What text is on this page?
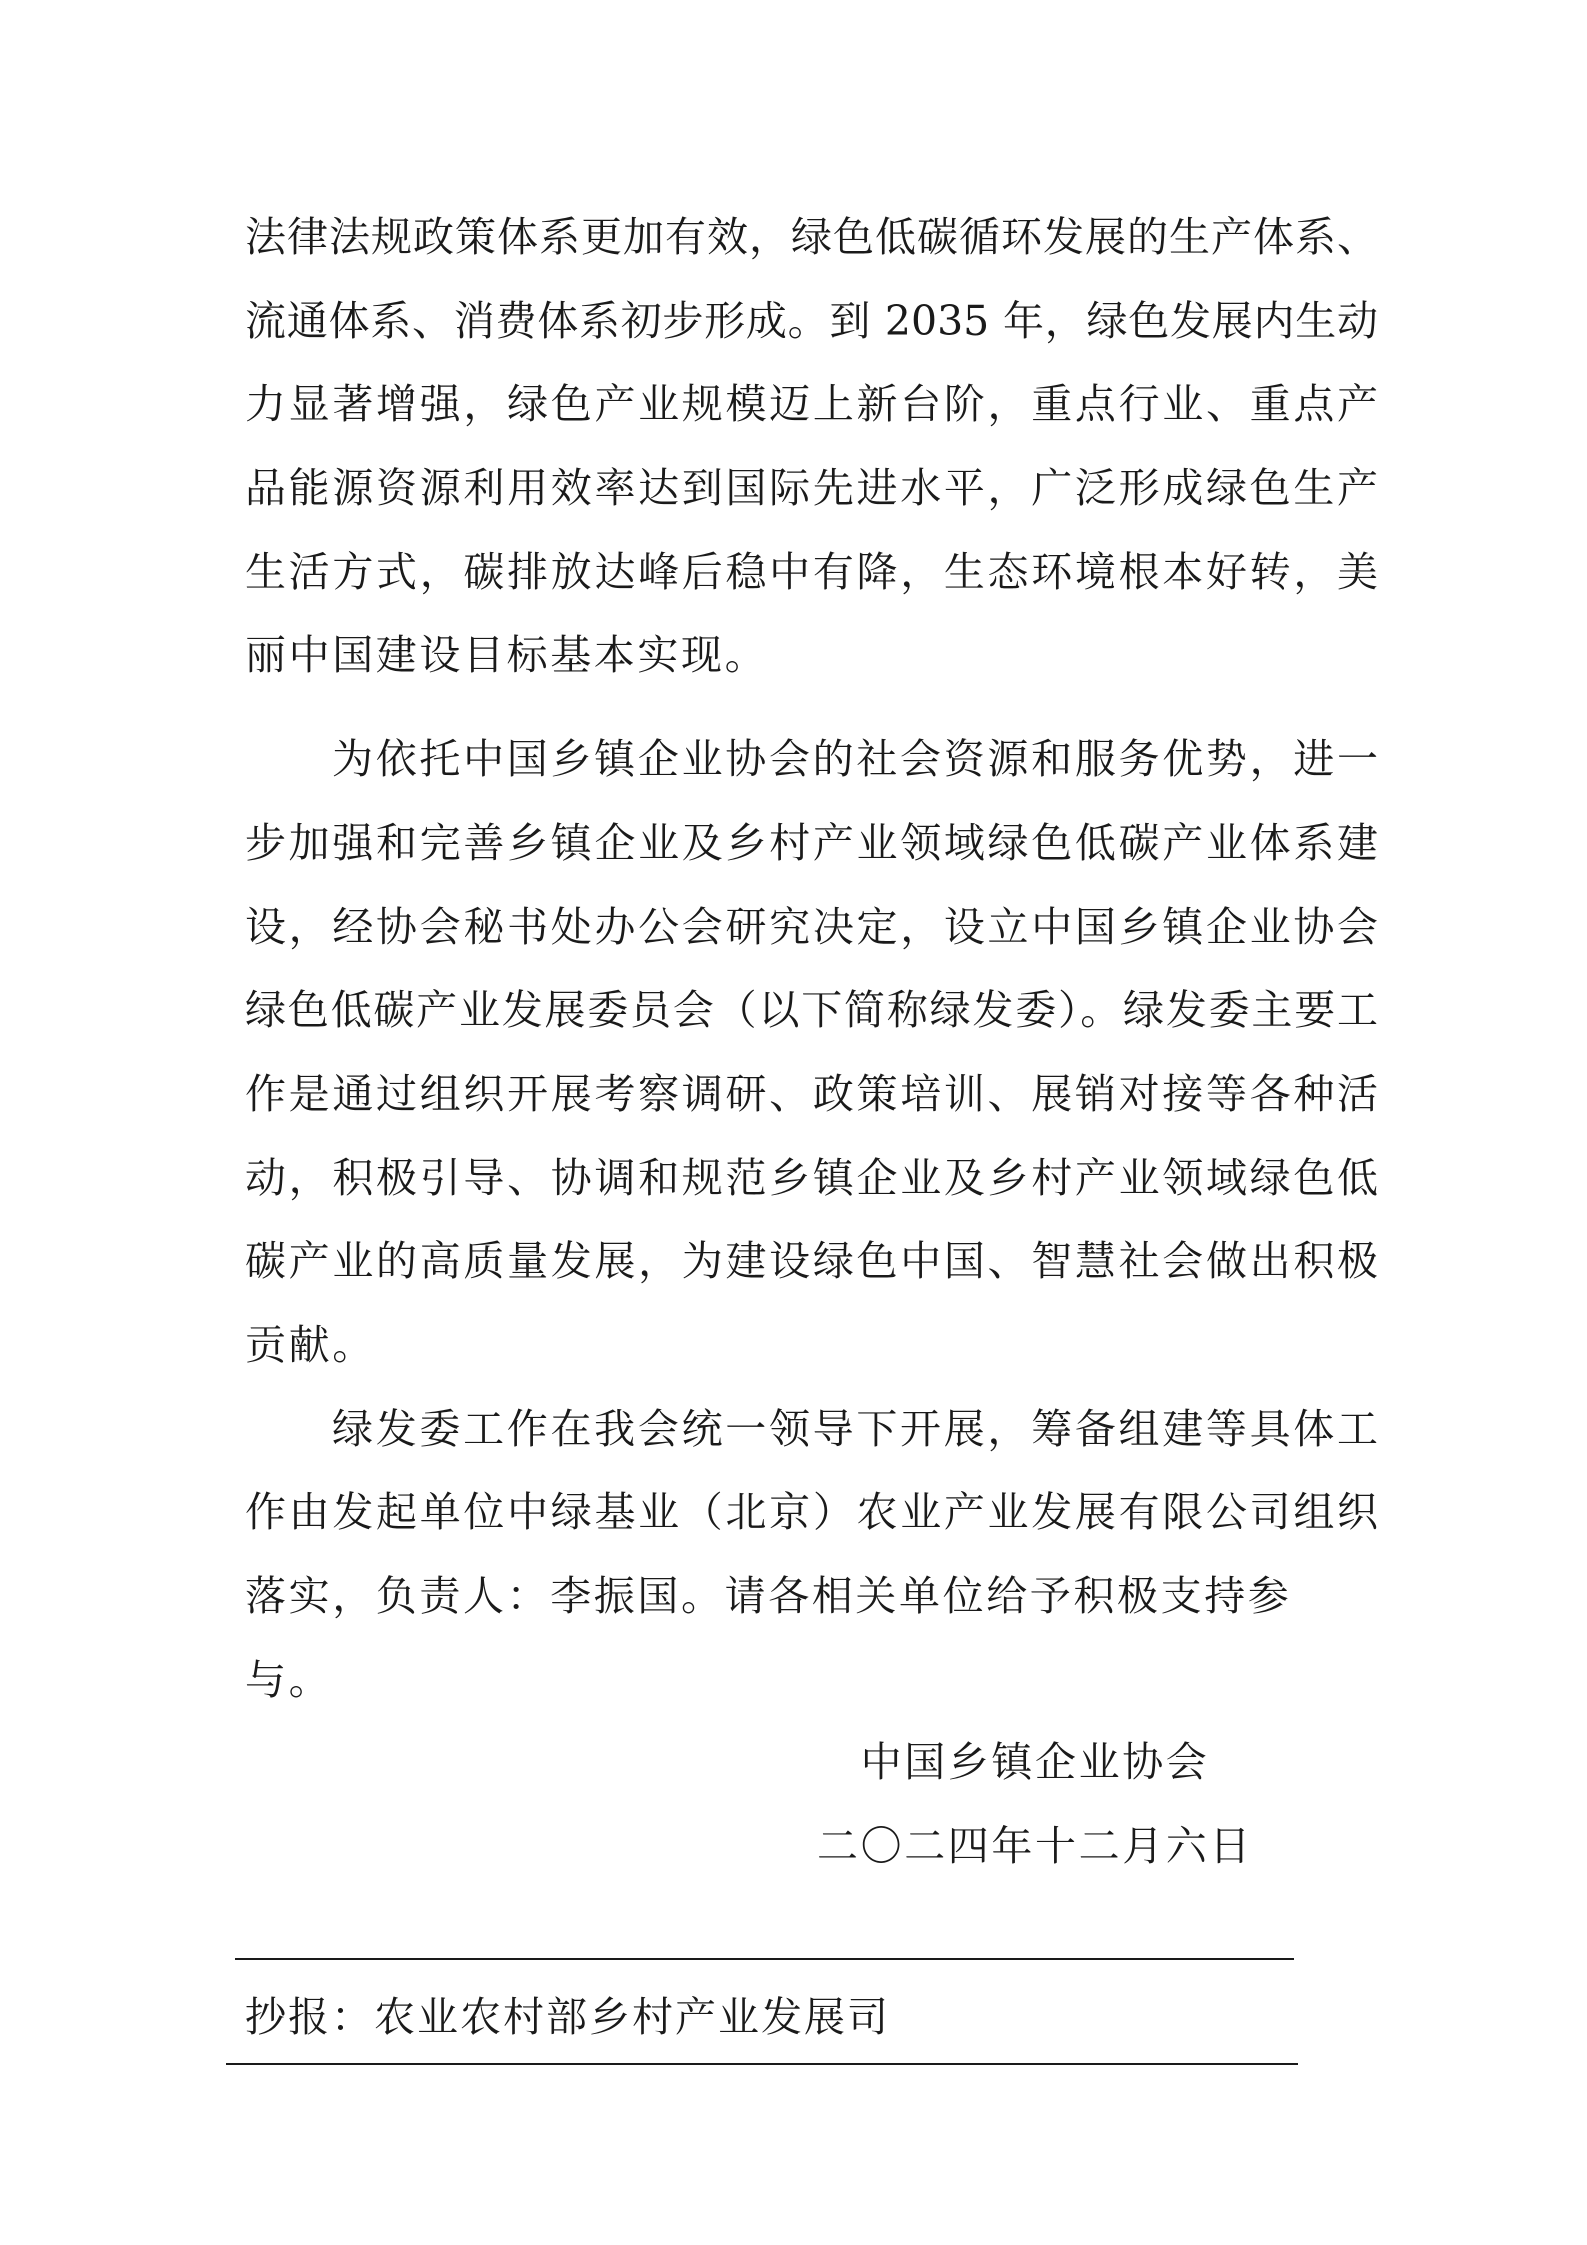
法律法规政策体系更加有效，绿色低碳循环发展的生产体系、
流通体系、消费体系初步形成。到 2035 年，绿色发展内生动
力显著增强，绿色产业规模迈上新台阶，重点行业、重点产
品能源资源利用效率达到国际先进水平，广泛形成绿色生产
生活方式，碳排放达峰后稳中有降，生态环境根本好转，美
丽中国建设目标基本实现。
为依托中国乡镇企业协会的社会资源和服务优势，进一
步加强和完善乡镇企业及乡村产业领域绿色低碳产业体系建
设，经协会秘书处办公会研究决定，设立中国乡镇企业协会
绿色低碳产业发展委员会（以下简称绿发委）。绿发委主要工
作是通过组织开展考察调研、政策培训、展销对接等各种活
动，积极引导、协调和规范乡镇企业及乡村产业领域绿色低
碳产业的高质量发展，为建设绿色中国、智慧社会做出积极
贡献。
绿发委工作在我会统一领导下开展，筹备组建等具体工
作由发起单位中绿基业（北京）农业产业发展有限公司组织
落实，负责人：李振国。请各相关单位给予积极支持参与。
中国乡镇企业协会
二〇二四年十二月六日
抄报：农业农村部乡村产业发展司
